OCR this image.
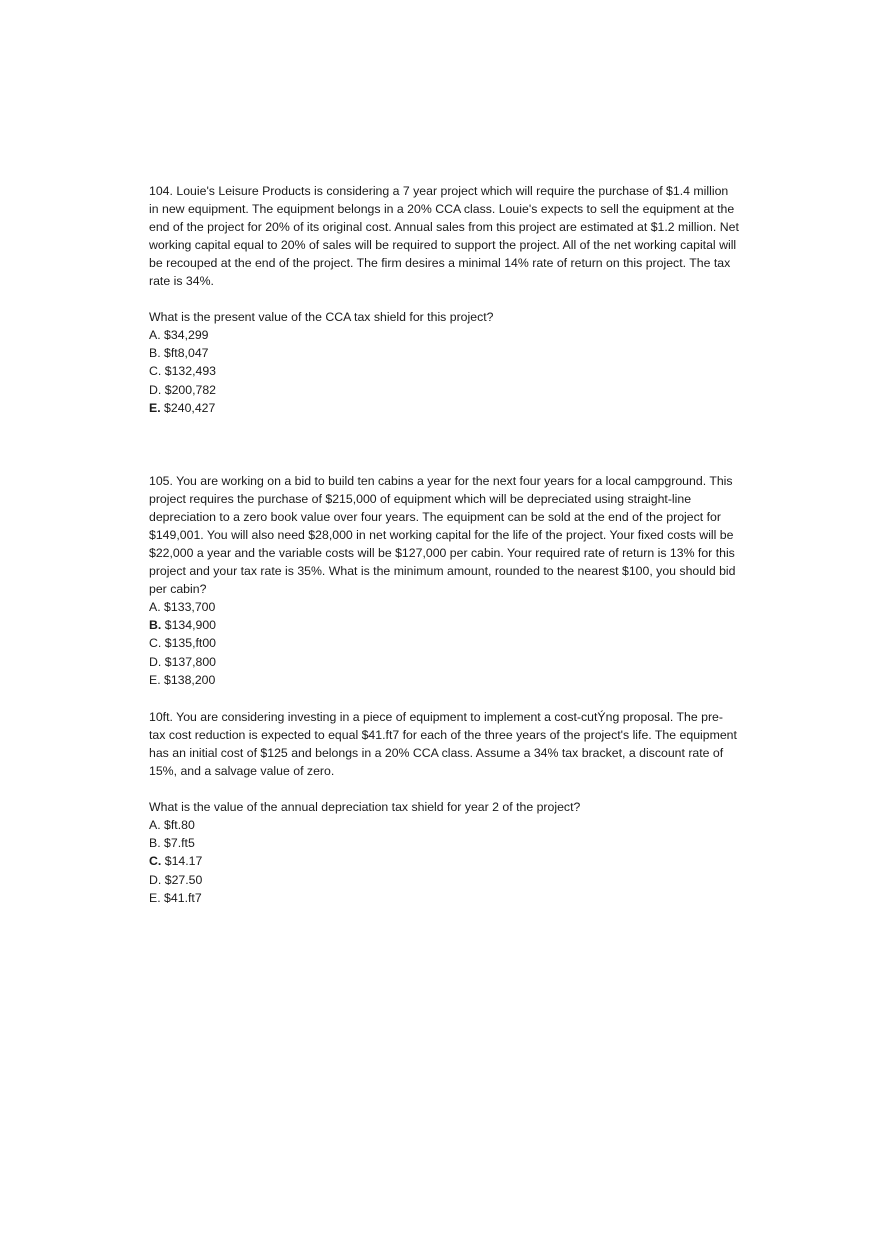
104. Louie's Leisure Products is considering a 7 year project which will require the purchase of $1.4 million in new equipment. The equipment belongs in a 20% CCA class. Louie's expects to sell the equipment at the end of the project for 20% of its original cost. Annual sales from this project are estimated at $1.2 million. Net working capital equal to 20% of sales will be required to support the project. All of the net working capital will be recouped at the end of the project. The firm desires a minimal 14% rate of return on this project. The tax rate is 34%.

What is the present value of the CCA tax shield for this project?

A. $34,299
B. $ft8,047
C. $132,493
D. $200,782
E. $240,427

105. You are working on a bid to build ten cabins a year for the next four years for a local campground. This project requires the purchase of $215,000 of equipment which will be depreciated using straight-line depreciation to a zero book value over four years. The equipment can be sold at the end of the project for $149,001. You will also need $28,000 in net working capital for the life of the project. Your fixed costs will be $22,000 a year and the variable costs will be $127,000 per cabin. Your required rate of return is 13% for this project and your tax rate is 35%. What is the minimum amount, rounded to the nearest $100, you should bid per cabin?

A. $133,700
B. $134,900
C. $135,ft00
D. $137,800
E. $138,200

10ft. You are considering investing in a piece of equipment to implement a cost-cutÝng proposal. The pre-tax cost reduction is expected to equal $41.ft7 for each of the three years of the project's life. The equipment has an initial cost of $125 and belongs in a 20% CCA class. Assume a 34% tax bracket, a discount rate of 15%, and a salvage value of zero.

What is the value of the annual depreciation tax shield for year 2 of the project?

A. $ft.80
B. $7.ft5
C. $14.17
D. $27.50
E. $41.ft7
